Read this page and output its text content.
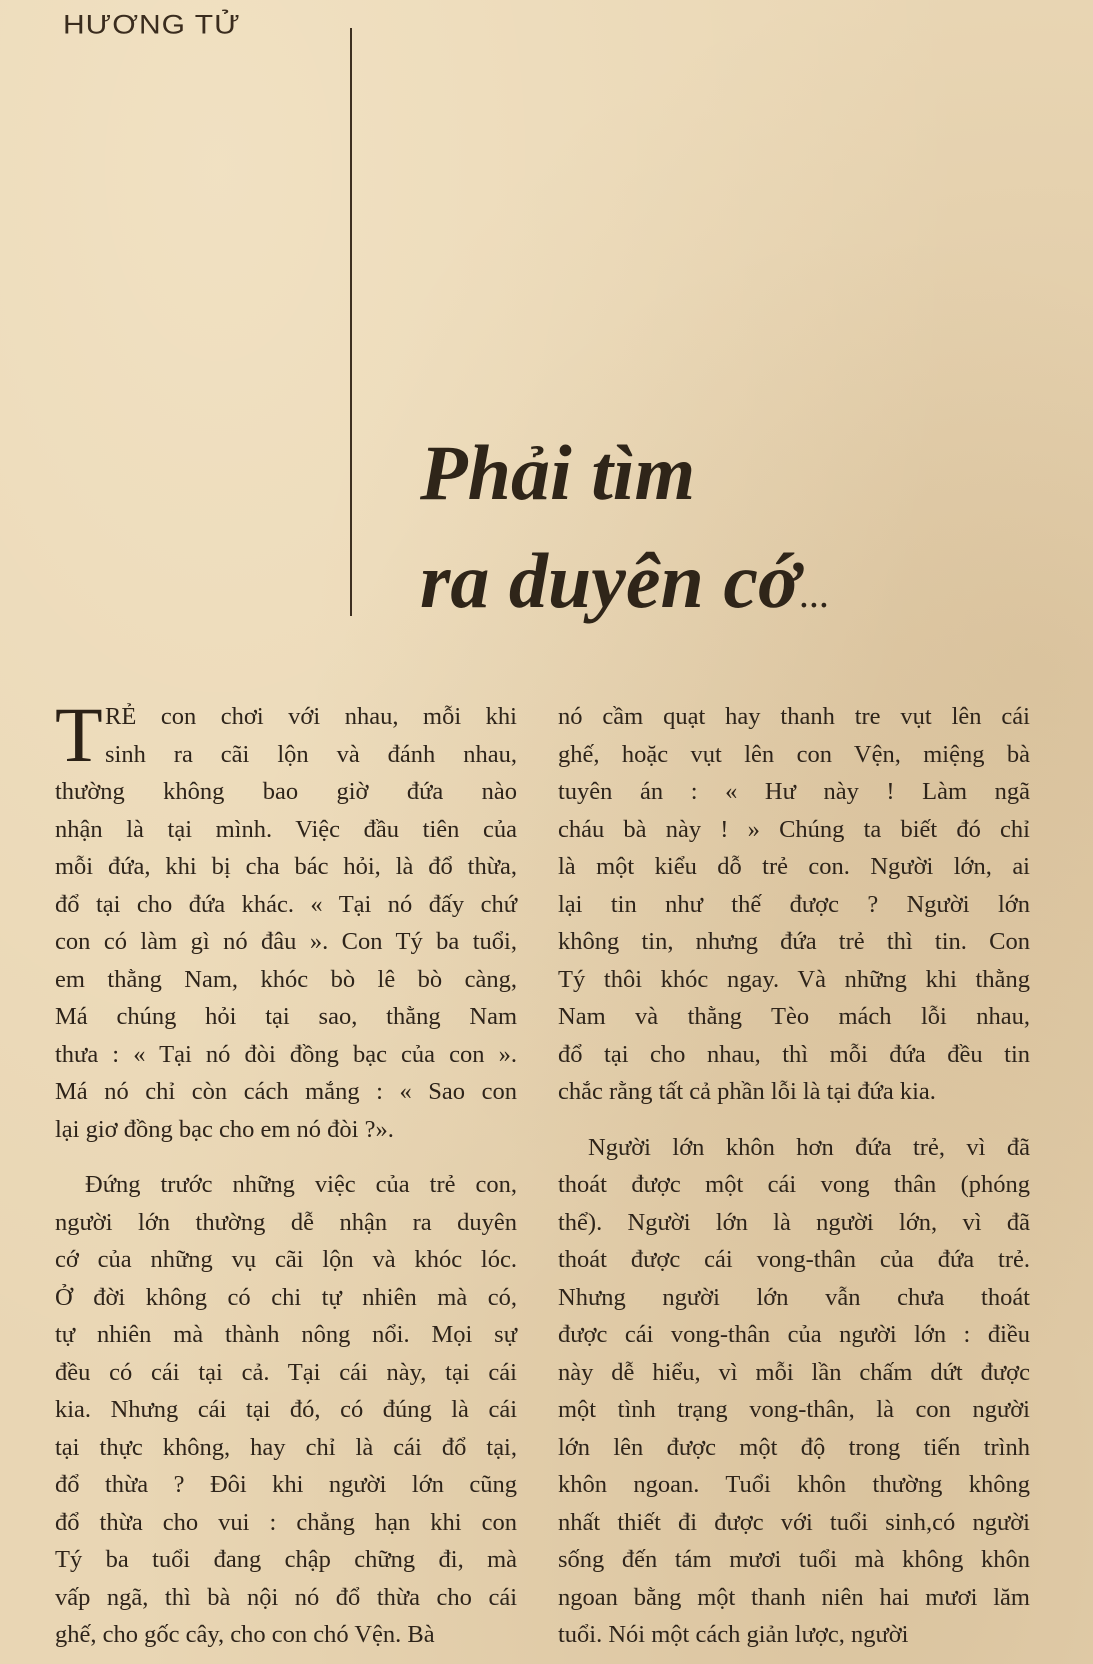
HƯƠNG TỬ
Phải tìm
ra duyên cớ...
T RẺ con chơi với nhau, mỗi khi
sinh ra cãi lộn và đánh nhau,
thường không bao giờ đứa nào
nhận là tại mình. Việc đầu tiên của
mỗi đứa, khi bị cha bác hỏi, là đổ thừa,
đổ tại cho đứa khác. « Tại nó đấy chứ
con có làm gì nó đâu ». Con Tý ba tuổi,
em thằng Nam, khóc bò lê bò càng,
Má chúng hỏi tại sao, thằng Nam
thưa : « Tại nó đòi đồng bạc của con ».
Má nó chỉ còn cách mắng : « Sao con
lại giơ đồng bạc cho em nó đòi ?».
Đứng trước những việc của trẻ con,
người lớn thường dễ nhận ra duyên
cớ của những vụ cãi lộn và khóc lóc.
Ở đời không có chi tự nhiên mà có,
tự nhiên mà thành nông nổi. Mọi sự
đều có cái tại cả. Tại cái này, tại cái
kia. Nhưng cái tại đó, có đúng là cái
tại thực không, hay chỉ là cái đổ tại,
đổ thừa ? Đôi khi người lớn cũng
đổ thừa cho vui : chẳng hạn khi con
Tý ba tuổi đang chập chững đi, mà
vấp ngã, thì bà nội nó đổ thừa cho cái
ghế, cho gốc cây, cho con chó Vện. Bà
nó cầm quạt hay thanh tre vụt lên cái
ghế, hoặc vụt lên con Vện, miệng bà
tuyên án : « Hư này ! Làm ngã
cháu bà này ! » Chúng ta biết đó chỉ
là một kiểu dỗ trẻ con. Người lớn, ai
lại tin như thế được ? Người lớn
không tin, nhưng đứa trẻ thì tin. Con
Tý thôi khóc ngay. Và những khi thằng
Nam và thằng Tèo mách lỗi nhau,
đổ tại cho nhau, thì mỗi đứa đều tin
chắc rằng tất cả phần lỗi là tại đứa kia.
Người lớn khôn hơn đứa trẻ, vì đã
thoát được một cái vong thân (phóng
thể). Người lớn là người lớn, vì đã
thoát được cái vong-thân của đứa trẻ.
Nhưng người lớn vẫn chưa thoát
được cái vong-thân của người lớn : điều
này dễ hiểu, vì mỗi lần chấm dứt được
một tình trạng vong-thân, là con người
lớn lên được một độ trong tiến trình
khôn ngoan. Tuổi khôn thường không
nhất thiết đi được với tuổi sinh,có người
sống đến tám mươi tuổi mà không khôn
ngoan bằng một thanh niên hai mươi lăm
tuổi. Nói một cách giản lược, người
